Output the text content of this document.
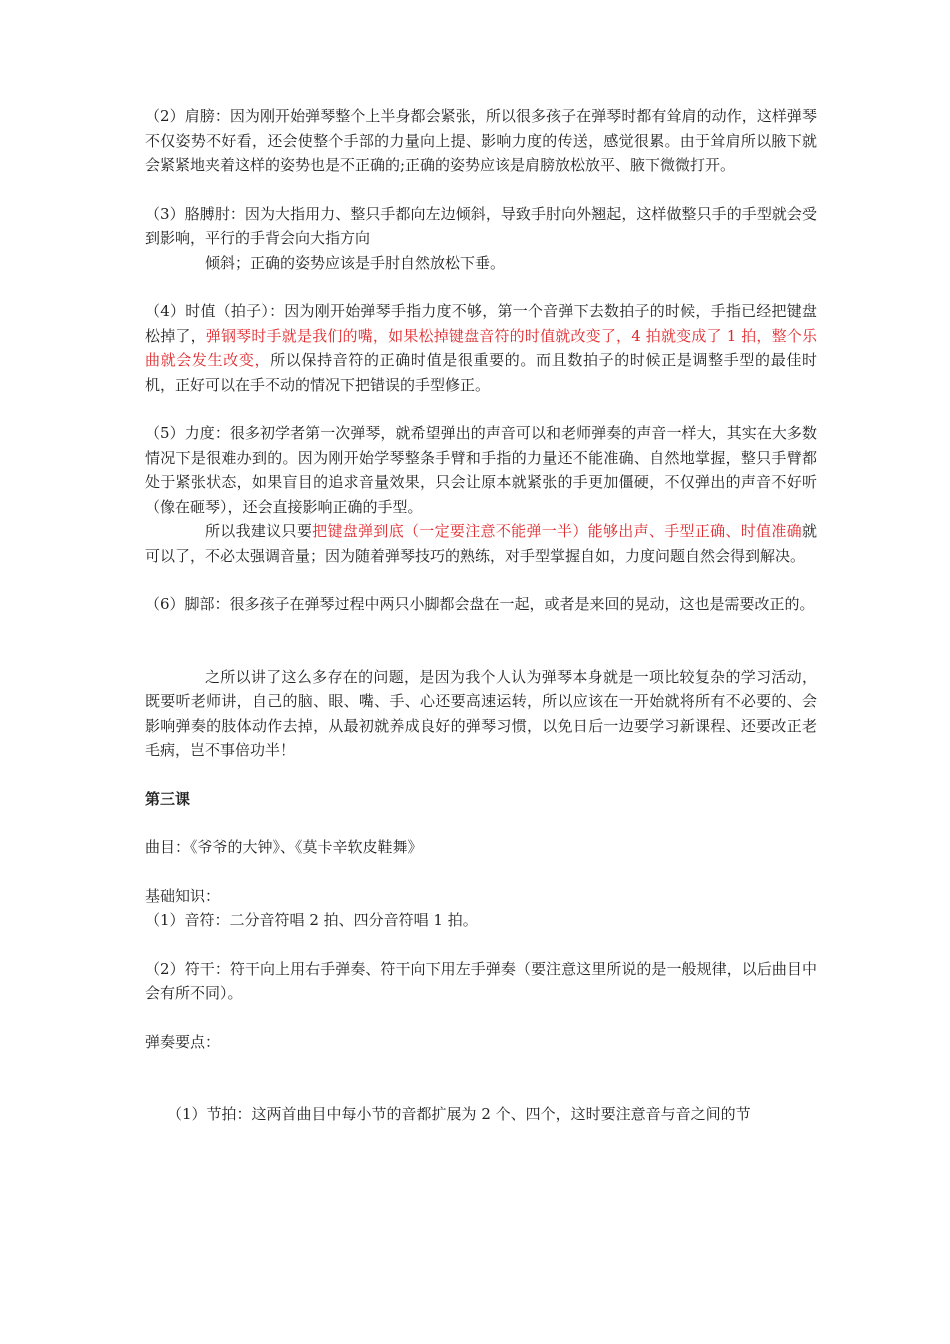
（2）肩膀：因为刚开始弹琴整个上半身都会紧张，所以很多孩子在弹琴时都有耸肩的动作，这样弹琴不仅姿势不好看，还会使整个手部的力量向上提、影响力度的传送，感觉很累。由于耸肩所以腋下就会紧紧地夹着这样的姿势也是不正确的;正确的姿势应该是肩膀放松放平、腋下微微打开。

（3）胳膊肘：因为大指用力、整只手都向左边倾斜，导致手肘向外翘起，这样做整只手的手型就会受到影响，平行的手背会向大指方向

倾斜；正确的姿势应该是手肘自然放松下垂。

（4）时值（拍子）：因为刚开始弹琴手指力度不够，第一个音弹下去数拍子的时候，手指已经把键盘松掉了，弹钢琴时手就是我们的嘴，如果松掉键盘音符的时值就改变了，4 拍就变成了 1 拍，整个乐曲就会发生改变，所以保持音符的正确时值是很重要的。而且数拍子的时候正是调整手型的最佳时机，正好可以在手不动的情况下把错误的手型修正。

（5）力度：很多初学者第一次弹琴，就希望弹出的声音可以和老师弹奏的声音一样大，其实在大多数情况下是很难办到的。因为刚开始学琴整条手臂和手指的力量还不能准确、自然地掌握，整只手臂都处于紧张状态，如果盲目的追求音量效果，只会让原本就紧张的手更加僵硬，不仅弹出的声音不好听（像在砸琴），还会直接影响正确的手型。

所以我建议只要把键盘弹到底（一定要注意不能弹一半）能够出声、手型正确、时值准确就可以了，不必太强调音量；因为随着弹琴技巧的熟练，对手型掌握自如，力度问题自然会得到解决。

（6）脚部：很多孩子在弹琴过程中两只小脚都会盘在一起，或者是来回的晃动，这也是需要改正的。

之所以讲了这么多存在的问题，是因为我个人认为弹琴本身就是一项比较复杂的学习活动，既要听老师讲，自己的脑、眼、嘴、手、心还要高速运转，所以应该在一开始就将所有不必要的、会影响弹奏的肢体动作去掉，从最初就养成良好的弹琴习惯，以免日后一边要学习新课程、还要改正老毛病，岂不事倍功半！

第三课

曲目：《爷爷的大钟》、《莫卡辛软皮鞋舞》

基础知识：

（1）音符：二分音符唱 2 拍、四分音符唱 1 拍。

（2）符干：符干向上用右手弹奏、符干向下用左手弹奏（要注意这里所说的是一般规律，以后曲目中会有所不同）。

弹奏要点：

（1）节拍：这两首曲目中每小节的音都扩展为 2 个、四个，这时要注意音与音之间的节
